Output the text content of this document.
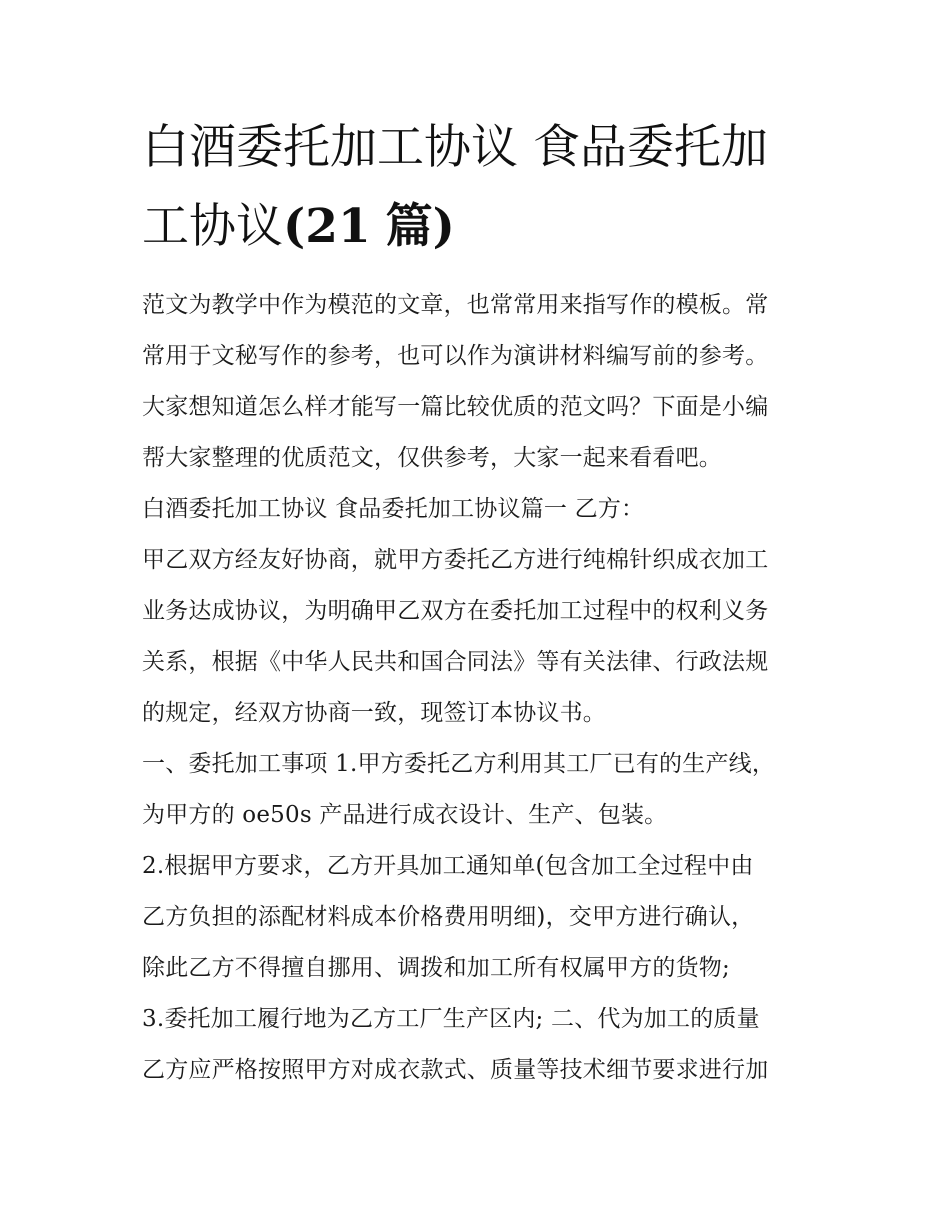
白酒委托加工协议 食品委托加
工协议(21 篇)
范文为教学中作为模范的文章，也常常用来指写作的模板。常
常用于文秘写作的参考，也可以作为演讲材料编写前的参考。
大家想知道怎么样才能写一篇比较优质的范文吗？下面是小编
帮大家整理的优质范文，仅供参考，大家一起来看看吧。
白酒委托加工协议 食品委托加工协议篇一 乙方：
甲乙双方经友好协商，就甲方委托乙方进行纯棉针织成衣加工
业务达成协议，为明确甲乙双方在委托加工过程中的权利义务
关系，根据《中华人民共和国合同法》等有关法律、行政法规
的规定，经双方协商一致，现签订本协议书。
一、委托加工事项 1.甲方委托乙方利用其工厂已有的生产线，
为甲方的 oe50s 产品进行成衣设计、生产、包装。
2.根据甲方要求，乙方开具加工通知单(包含加工全过程中由
乙方负担的添配材料成本价格费用明细)，交甲方进行确认，
除此乙方不得擅自挪用、调拨和加工所有权属甲方的货物;
3.委托加工履行地为乙方工厂生产区内; 二、代为加工的质量
乙方应严格按照甲方对成衣款式、质量等技术细节要求进行加
